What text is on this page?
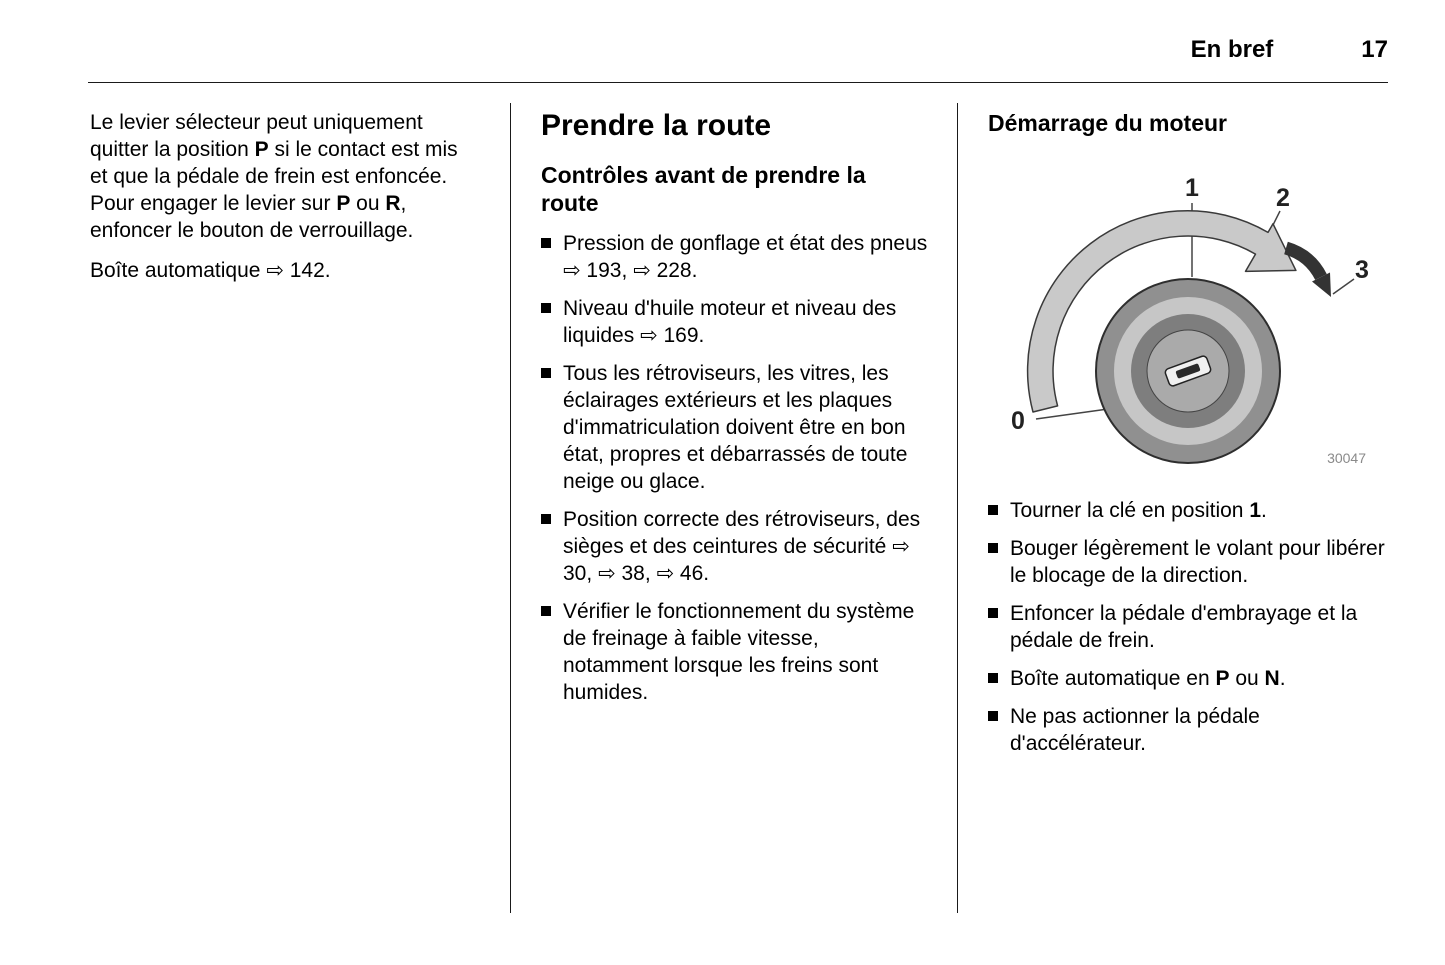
En bref	17

Le levier sélecteur peut uniquement quitter la position P si le contact est mis et que la pédale de frein est enfoncée. Pour engager le levier sur P ou R, enfoncer le bouton de verrouillage.

Boîte automatique ⇨ 142.

Prendre la route
Contrôles avant de prendre la route
Pression de gonflage et état des pneus ⇨ 193, ⇨ 228.
Niveau d'huile moteur et niveau des liquides ⇨ 169.
Tous les rétroviseurs, les vitres, les éclairages extérieurs et les plaques d'immatriculation doivent être en bon état, propres et débarrassés de toute neige ou glace.
Position correcte des rétroviseurs, des sièges et des ceintures de sécurité ⇨ 30, ⇨ 38, ⇨ 46.
Vérifier le fonctionnement du système de freinage à faible vitesse, notamment lorsque les freins sont humides.
Démarrage du moteur
1	2
3
0
30047
Tourner la clé en position 1.
Bouger légèrement le volant pour libérer le blocage de la direction.
Enfoncer la pédale d'embrayage et la pédale de frein.
Boîte automatique en P ou N.
Ne pas actionner la pédale d'accélérateur.
